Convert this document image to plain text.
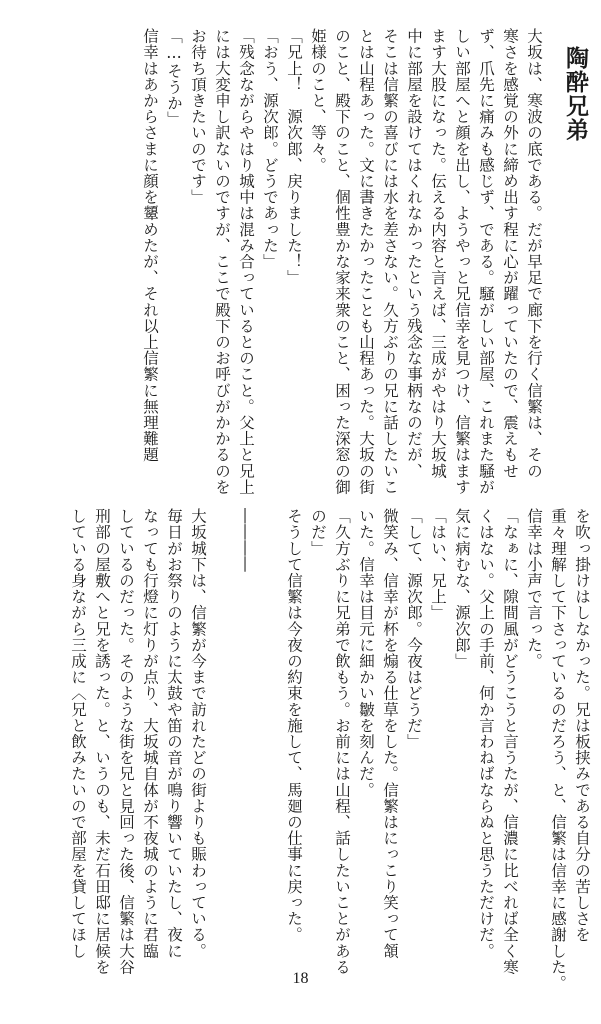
陶酔兄弟
大坂は、寒波の底である。だが早足で廊下を行く信繁は、その
寒さを感覚の外に締め出す程に心が躍っていたので、震えもせ
ず、爪先に痛みも感じず、である。騒がしい部屋、これまた騒が
しい部屋へと顔を出し、ようやっと兄信幸を見つけ、信繁はます
ます大股になった。伝える内容と言えば、三成がやはり大坂城
中に部屋を設けてはくれなかったという残念な事柄なのだが、
そこは信繁の喜びには水を差さない。久方ぶりの兄に話したいこ
とは山程あった。文に書きたかったことも山程あった。大坂の街
のこと、殿下のこと、個性豊かな家来衆のこと、困った深窓の御
姫様のこと、等々。
「兄上！　源次郎、戻りました！」
「おう、源次郎。どうであった」
「残念ながらやはり城中は混み合っているとのこと。父上と兄上
には大変申し訳ないのですが、ここで殿下のお呼びがかかるのを
お待ち頂きたいのです」
「…そうか」
信幸はあからさまに顔を顰めたが、それ以上信繁に無理難題
を吹っ掛けはしなかった。兄は板挟みである自分の苦しさを
重々理解して下さっているのだろう、と、信繁は信幸に感謝した。
信幸は小声で言った。
「なぁに、隙間風がどうこうと言うたが、信濃に比べれば全く寒
くはない。父上の手前、何か言わねばならぬと思うただけだ。
気に病むな、源次郎」
「はい、兄上」
「して、源次郎。今夜はどうだ」
微笑み、信幸が杯を煽る仕草をした。信繁はにっこり笑って頷
いた。信幸は目元に細かい皺を刻んだ。
「久方ぶりに兄弟で飲もう。お前には山程、話したいことがある
のだ」
そうして信繁は今夜の約束を施して、馬廻の仕事に戻った。
――――
大坂城下は、信繁が今まで訪れたどの街よりも賑わっている。
毎日がお祭りのように太鼓や笛の音が鳴り響いていたし、夜に
なっても行燈に灯りが点り、大坂城自体が不夜城のように君臨
しているのだった。そのような街を兄と見回った後、信繁は大谷
刑部の屋敷へと兄を誘った。と、いうのも、未だ石田邸に居候を
している身ながら三成に〈兄と飲みたいので部屋を貸してほし
18
